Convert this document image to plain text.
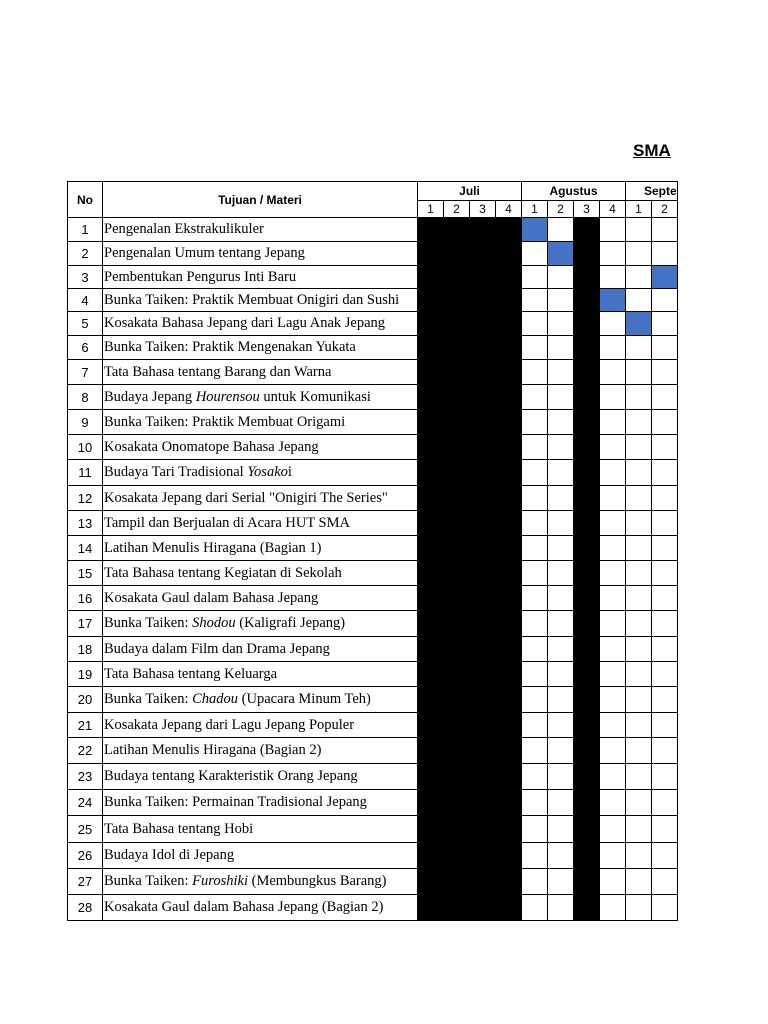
SMA
No	Tujuan / Materi	Juli				Agustus				Septe	
		1	2	3	4	1	2	3	4	1	2
1	Pengenalan Ekstrakulikuler										
2	Pengenalan Umum tentang Jepang										
3	Pembentukan Pengurus Inti Baru										
4	Bunka Taiken: Praktik Membuat Onigiri dan Sushi										
5	Kosakata Bahasa Jepang dari Lagu Anak Jepang										
6	Bunka Taiken: Praktik Mengenakan Yukata										
7	Tata Bahasa tentang Barang dan Warna										
8	Budaya Jepang Hourensou untuk Komunikasi										
9	Bunka Taiken: Praktik Membuat Origami										
10	Kosakata Onomatope Bahasa Jepang										
11	Budaya Tari Tradisional Yosakoi										
12	Kosakata Jepang dari Serial "Onigiri The Series"										
13	Tampil dan Berjualan di Acara HUT SMA										
14	Latihan Menulis Hiragana (Bagian 1)										
15	Tata Bahasa tentang Kegiatan di Sekolah										
16	Kosakata Gaul dalam Bahasa Jepang										
17	Bunka Taiken: Shodou (Kaligrafi Jepang)										
18	Budaya dalam Film dan Drama Jepang										
19	Tata Bahasa tentang Keluarga										
20	Bunka Taiken: Chadou (Upacara Minum Teh)										
21	Kosakata Jepang dari Lagu Jepang Populer										
22	Latihan Menulis Hiragana (Bagian 2)										
23	Budaya tentang Karakteristik Orang Jepang										
24	Bunka Taiken: Permainan Tradisional Jepang										
25	Tata Bahasa tentang Hobi										
26	Budaya Idol di Jepang										
27	Bunka Taiken: Furoshiki (Membungkus Barang)										
28	Kosakata Gaul dalam Bahasa Jepang (Bagian 2)										
